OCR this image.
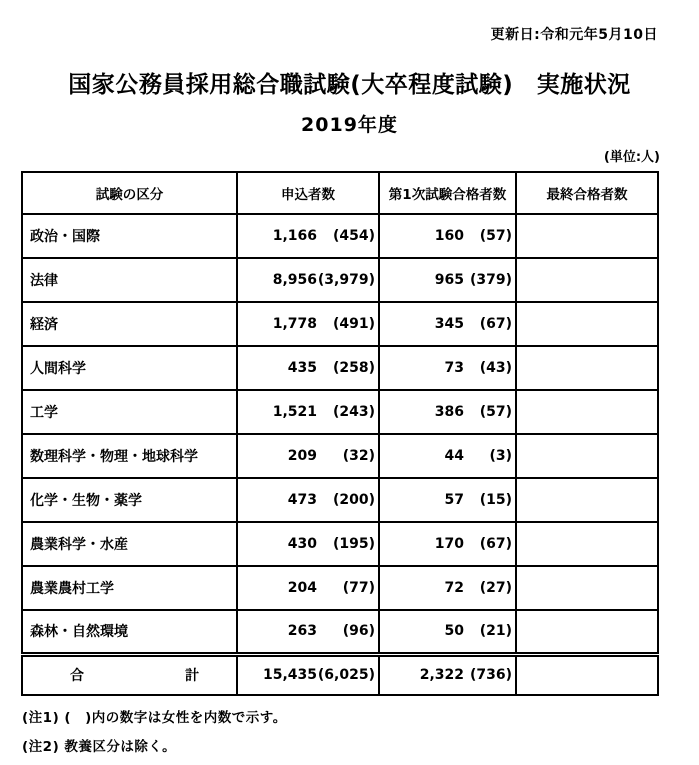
更新日:令和元年5月10日
国家公務員採用総合職試験(大卒程度試験)　実施状況
2019年度
(単位:人)
試験の区分	申込者数	第1次試験合格者数	最終合格者数
政治・国際	1,166 (454)	160 (57)	

法律	8,956 (3,979)	965 (379)	

経済	1,778 (491)	345 (67)	

人間科学	435 (258)	73 (43)	

工学	1,521 (243)	386 (57)	

数理科学・物理・地球科学	209 (32)	44 (3)	

化学・生物・薬学	473 (200)	57 (15)	

農業科学・水産	430 (195)	170 (67)	

農業農村工学	204 (77)	72 (27)	

森林・自然環境	263 (96)	50 (21)	

合 計	15,435 (6,025)	2,322 (736)	

(注1) (　)内の数字は女性を内数で示す。
(注2) 教養区分は除く。
